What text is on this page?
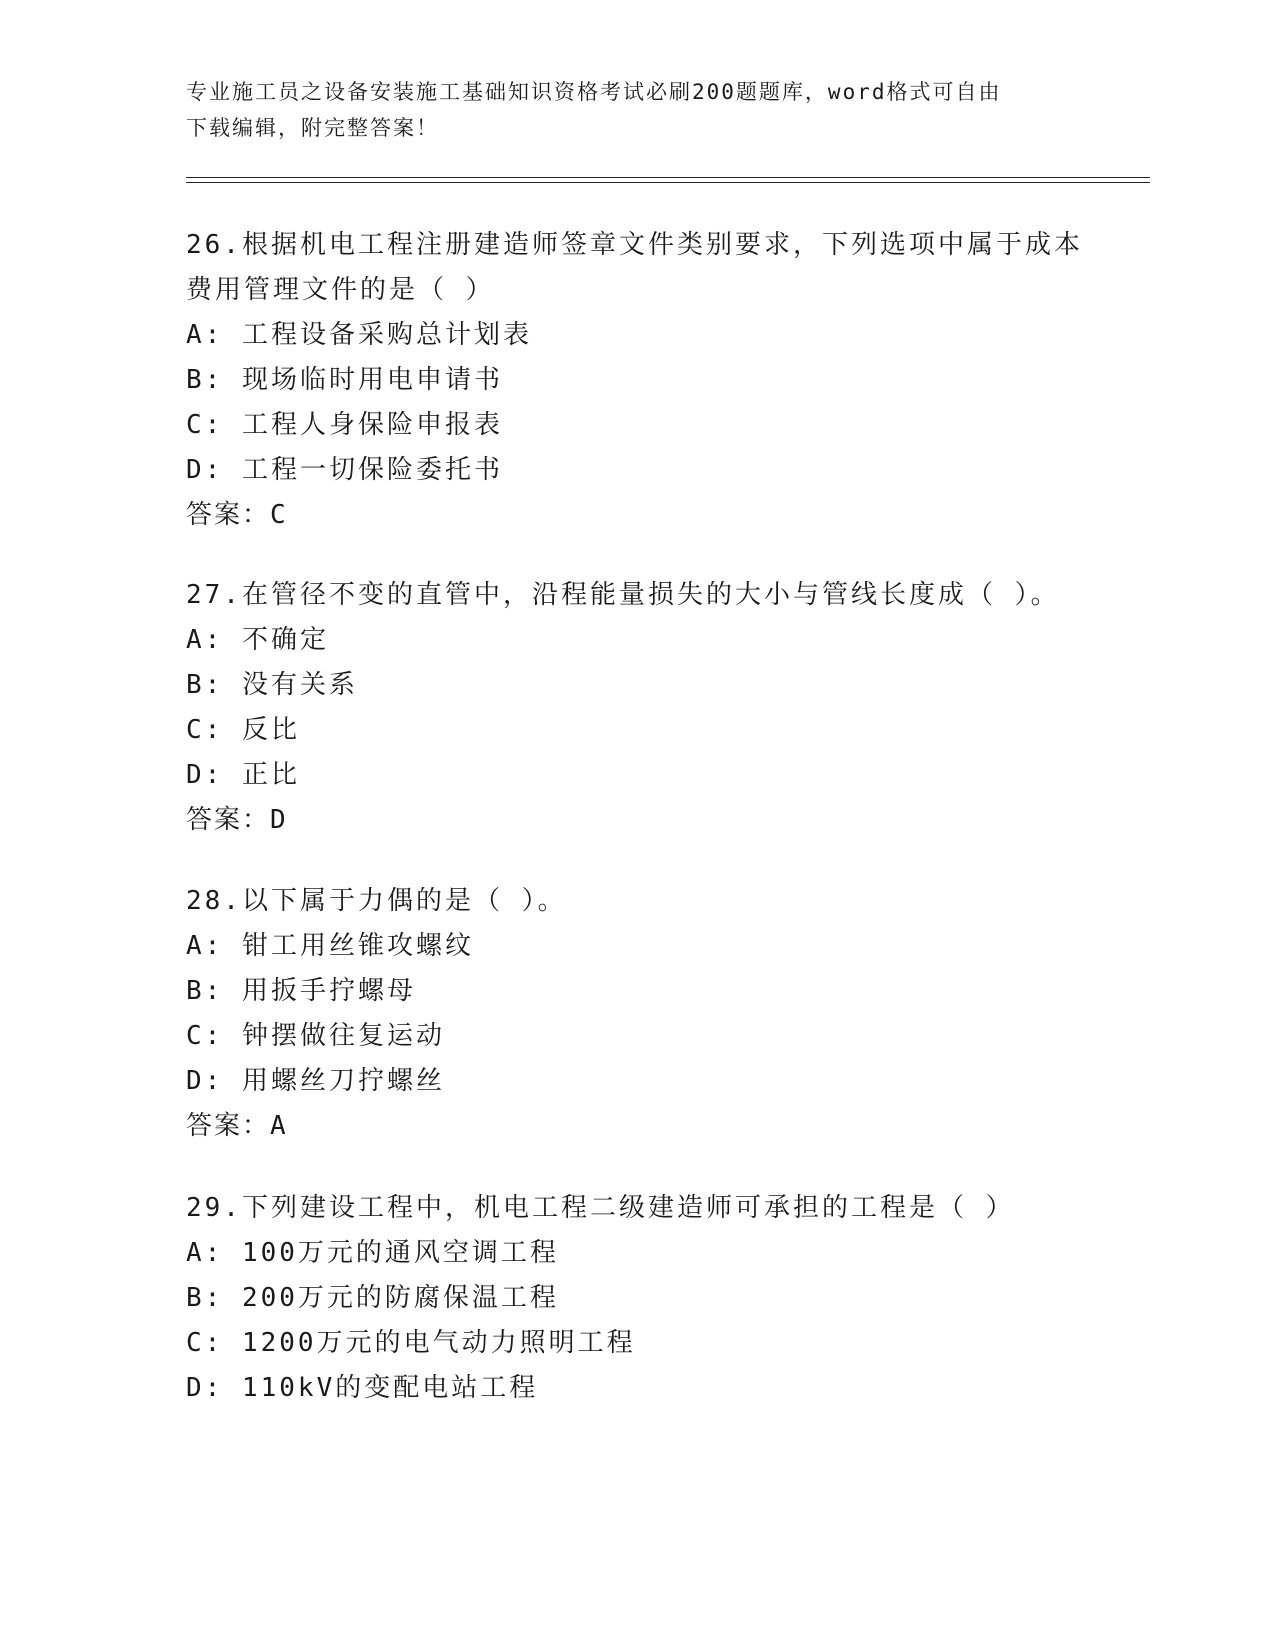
专业施工员之设备安装施工基础知识资格考试必刷200题题库，word格式可自由
下载编辑，附完整答案！

26.根据机电工程注册建造师签章文件类别要求，下列选项中属于成本

费用管理文件的是（ ）

A: 工程设备采购总计划表

B: 现场临时用电申请书

C: 工程人身保险申报表

D: 工程一切保险委托书

答案：C

27.在管径不变的直管中，沿程能量损失的大小与管线长度成（ ）。

A: 不确定

B: 没有关系

C: 反比

D: 正比

答案：D

28.以下属于力偶的是（ ）。

A: 钳工用丝锥攻螺纹

B: 用扳手拧螺母

C: 钟摆做往复运动

D: 用螺丝刀拧螺丝

答案：A

29.下列建设工程中，机电工程二级建造师可承担的工程是（ ）

A: 100万元的通风空调工程

B: 200万元的防腐保温工程

C: 1200万元的电气动力照明工程

D: 110kV的变配电站工程
